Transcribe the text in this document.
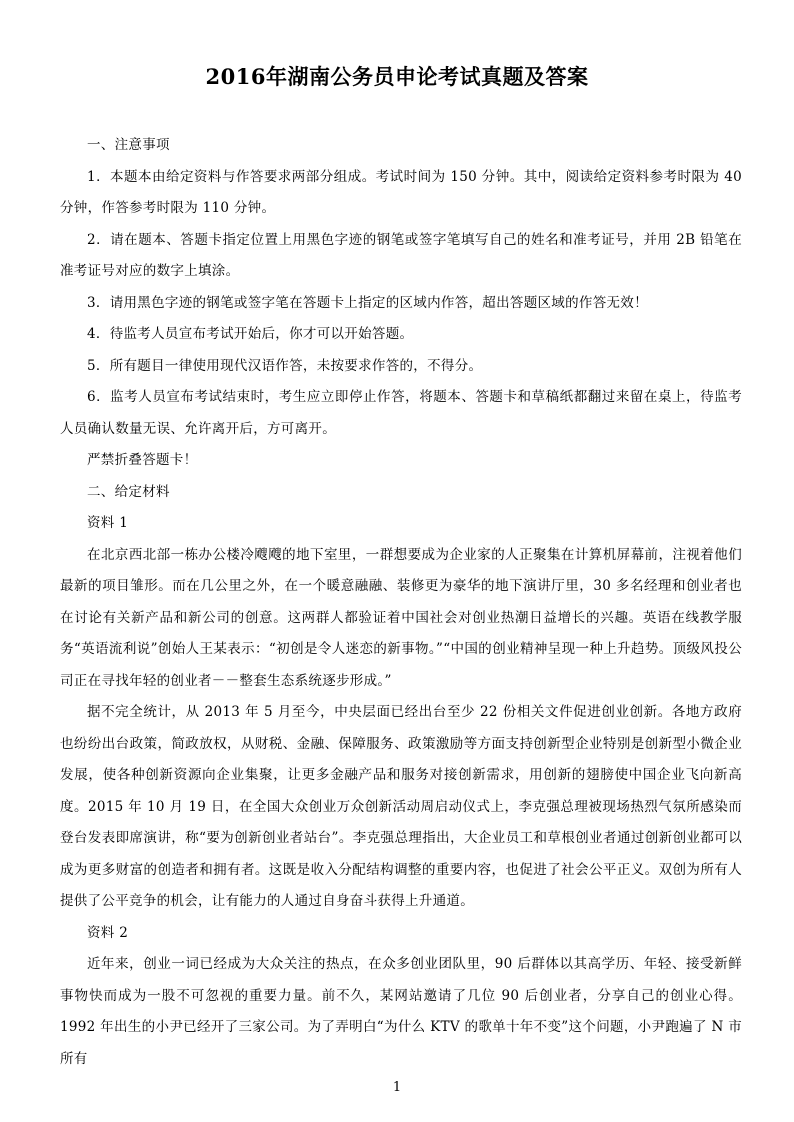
2016年湖南公务员申论考试真题及答案

一、注意事项

1．本题本由给定资料与作答要求两部分组成。考试时间为 150 分钟。其中，阅读给定资料参考时限为 40 分钟，作答参考时限为 110 分钟。

2．请在题本、答题卡指定位置上用黑色字迹的钢笔或签字笔填写自己的姓名和准考证号，并用 2B 铅笔在准考证号对应的数字上填涂。

3．请用黑色字迹的钢笔或签字笔在答题卡上指定的区域内作答，超出答题区域的作答无效！

4．待监考人员宣布考试开始后，你才可以开始答题。

5．所有题目一律使用现代汉语作答，未按要求作答的，不得分。

6．监考人员宣布考试结束时，考生应立即停止作答，将题本、答题卡和草稿纸都翻过来留在桌上，待监考人员确认数量无误、允许离开后，方可离开。

严禁折叠答题卡！

二、给定材料

资料 1

在北京西北部一栋办公楼冷飕飕的地下室里，一群想要成为企业家的人正聚集在计算机屏幕前，注视着他们最新的项目雏形。而在几公里之外，在一个暖意融融、装修更为豪华的地下演讲厅里，30 多名经理和创业者也在讨论有关新产品和新公司的创意。这两群人都验证着中国社会对创业热潮日益增长的兴趣。英语在线教学服务“英语流利说”创始人王某表示：“初创是令人迷恋的新事物。”“中国的创业精神呈现一种上升趋势。顶级风投公司正在寻找年轻的创业者－－整套生态系统逐步形成。”

据不完全统计，从 2013 年 5 月至今，中央层面已经出台至少 22 份相关文件促进创业创新。各地方政府也纷纷出台政策，简政放权，从财税、金融、保障服务、政策激励等方面支持创新型企业特别是创新型小微企业发展，使各种创新资源向企业集聚，让更多金融产品和服务对接创新需求，用创新的翅膀使中国企业飞向新高度。2015 年 10 月 19 日，在全国大众创业万众创新活动周启动仪式上，李克强总理被现场热烈气氛所感染而登台发表即席演讲，称“要为创新创业者站台”。李克强总理指出，大企业员工和草根创业者通过创新创业都可以成为更多财富的创造者和拥有者。这既是收入分配结构调整的重要内容，也促进了社会公平正义。双创为所有人提供了公平竞争的机会，让有能力的人通过自身奋斗获得上升通道。

资料 2

近年来，创业一词已经成为大众关注的热点，在众多创业团队里，90 后群体以其高学历、年轻、接受新鲜事物快而成为一股不可忽视的重要力量。前不久，某网站邀请了几位 90 后创业者，分享自己的创业心得。1992 年出生的小尹已经开了三家公司。为了弄明白“为什么 KTV 的歌单十年不变”这个问题，小尹跑遍了 N 市所有

1
